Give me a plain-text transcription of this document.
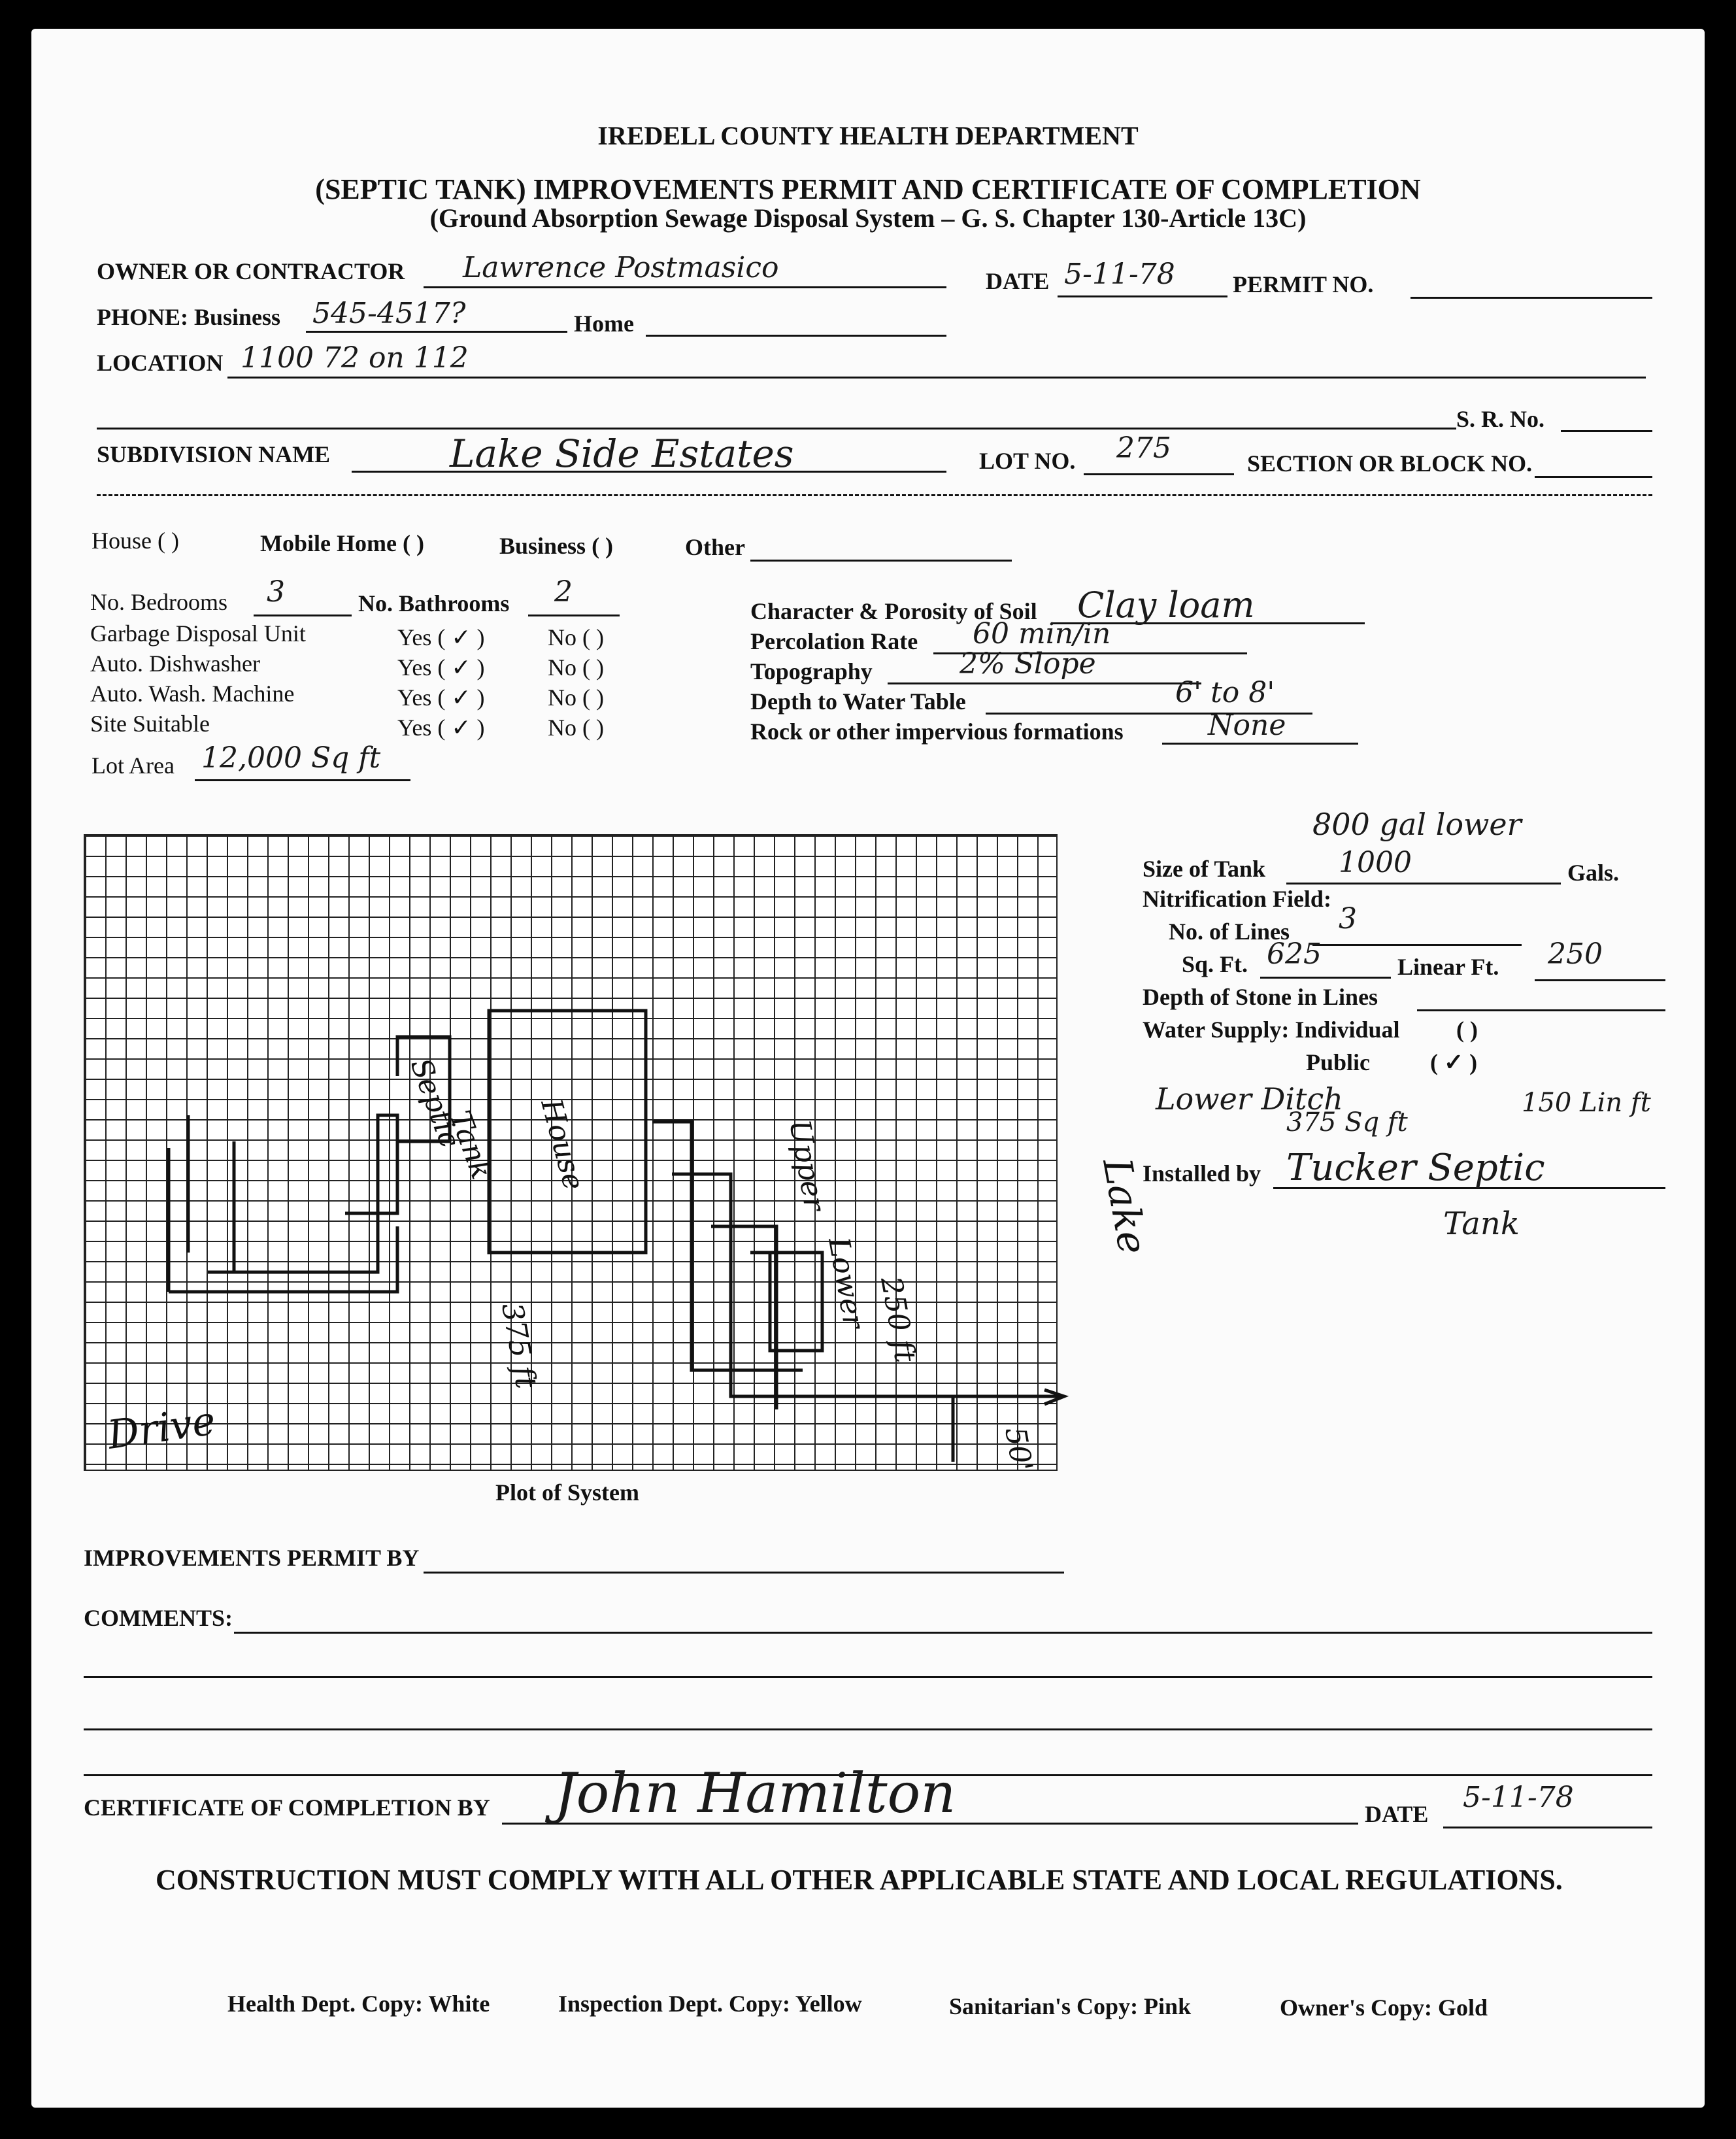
IREDELL COUNTY HEALTH DEPARTMENT
(SEPTIC TANK) IMPROVEMENTS PERMIT AND CERTIFICATE OF COMPLETION
(Ground Absorption Sewage Disposal System – G. S. Chapter 130-Article 13C)
OWNER OR CONTRACTOR Lawrence Postmasico	DATE 5-11-78 PERMIT NO.
PHONE: Business 545-4517?	Home
LOCATION 1100 72 on 112
S. R. No.
SUBDIVISION NAME	Lake Side Estates	LOT NO. 275	SECTION OR BLOCK NO.
House ( )	Mobile Home ( )	Business ( )	Other
No. Bedrooms 3	No. Bathrooms 2
Garbage Disposal Unit	Yes ( ✓ )	No ( )
Auto. Dishwasher	Yes ( ✓ )	No ( )
Auto. Wash. Machine	Yes ( ✓ )	No ( )
Site Suitable	Yes ( ✓ )	No ( )
Lot Area 12,000 Sq ft
Character & Porosity of Soil Clay loam
Percolation Rate 60 min/in
Topography	2% Slope
Depth to Water Table	6' to 8'
Rock or other impervious formations	None
House
Tank
Septic
Lake
Drive
Lower
Upper
375 ft	250 ft
50'
Plot of System
800 gal lower
Size of Tank	1000	Gals.
Nitrification Field:
No. of Lines 3
Sq. Ft. 625	Linear Ft. 250
Depth of Stone in Lines
Water Supply: Individual ( )
Public	( ✓ )
Lower Ditch
375 Sq ft
150 Lin ft
Installed by Tucker Septic
Tank
IMPROVEMENTS PERMIT BY
COMMENTS:
CERTIFICATE OF COMPLETION BY John Hamilton	DATE 5-11-78
CONSTRUCTION MUST COMPLY WITH ALL OTHER APPLICABLE STATE AND LOCAL REGULATIONS.
Health Dept. Copy: White	Inspection Dept. Copy: Yellow	Sanitarian's Copy: Pink	Owner's Copy: Gold
